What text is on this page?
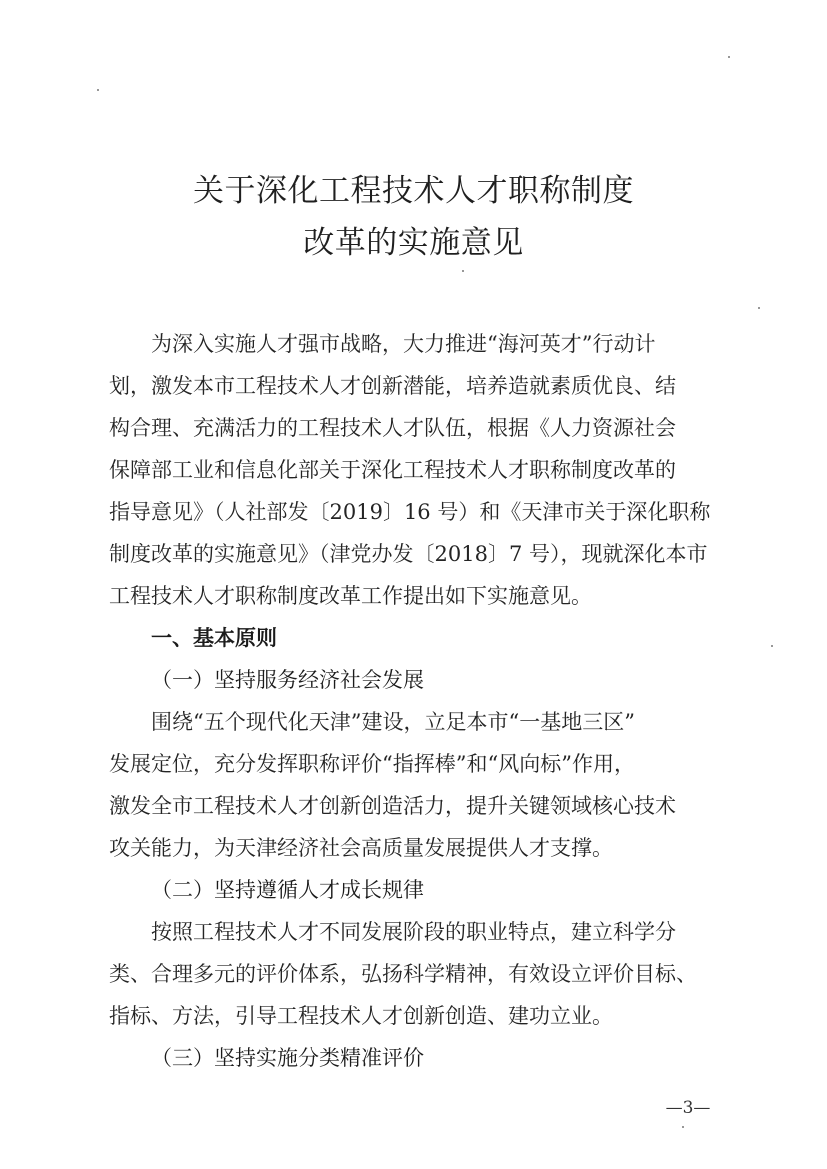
关于深化工程技术人才职称制度
改革的实施意见
为深入实施人才强市战略，大力推进“海河英才”行动计
划，激发本市工程技术人才创新潜能，培养造就素质优良、结
构合理、充满活力的工程技术人才队伍，根据《人力资源社会
保障部工业和信息化部关于深化工程技术人才职称制度改革的
指导意见》（人社部发〔2019〕16 号）和《天津市关于深化职称
制度改革的实施意见》（津党办发〔2018〕7 号），现就深化本市
工程技术人才职称制度改革工作提出如下实施意见。
一、基本原则
（一）坚持服务经济社会发展
围绕“五个现代化天津”建设，立足本市“一基地三区”
发展定位，充分发挥职称评价“指挥棒”和“风向标”作用，
激发全市工程技术人才创新创造活力，提升关键领域核心技术
攻关能力，为天津经济社会高质量发展提供人才支撑。
（二）坚持遵循人才成长规律
按照工程技术人才不同发展阶段的职业特点，建立科学分
类、合理多元的评价体系，弘扬科学精神，有效设立评价目标、
指标、方法，引导工程技术人才创新创造、建功立业。
（三）坚持实施分类精准评价
—3—
